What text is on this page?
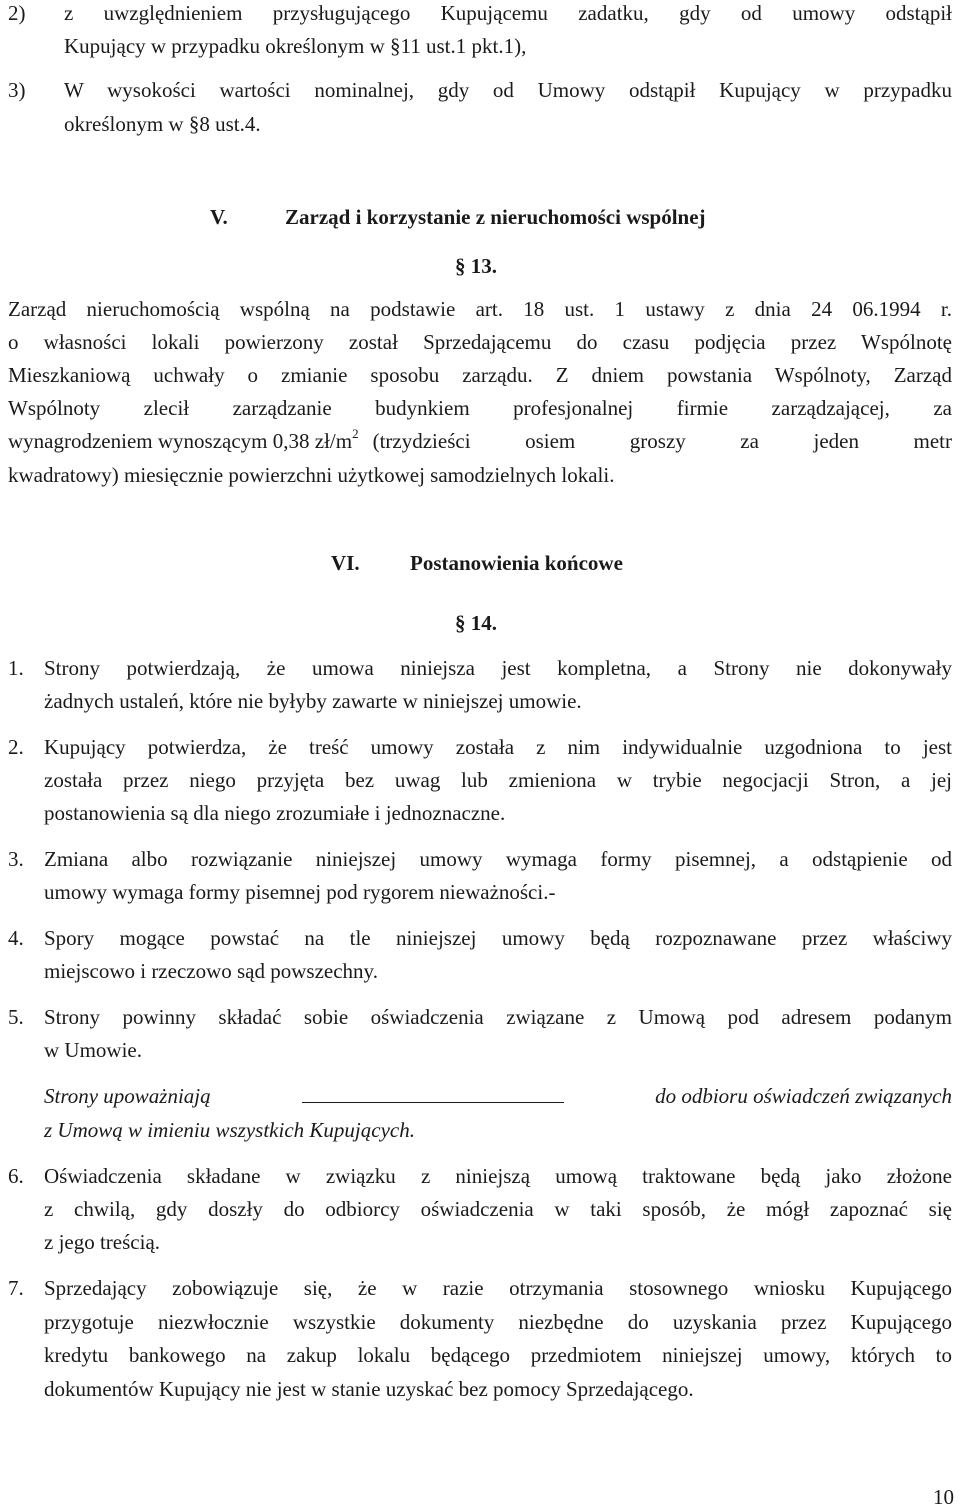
2) z uwzględnieniem przysługującego Kupującemu zadatku, gdy od umowy odstąpił
Kupujący w przypadku określonym w §11 ust.1 pkt.1),
3) W wysokości wartości nominalnej, gdy od Umowy odstąpił Kupujący w przypadku
określonym w §8 ust.4.
V.	Zarząd i korzystanie z nieruchomości wspólnej
§ 13.
Zarząd nieruchomością wspólną na podstawie art. 18 ust. 1 ustawy z dnia 24 06.1994 r.
o własności lokali powierzony został Sprzedającemu do czasu podjęcia przez Wspólnotę
Mieszkaniową uchwały o zmianie sposobu zarządu. Z dniem powstania Wspólnoty, Zarząd
Wspólnoty zlecił zarządzanie budynkiem profesjonalnej firmie zarządzającej, za
wynagrodzeniem wynoszącym 0,38 $zł/m^2$ (trzydzieści osiem groszy za jeden metr
kwadratowy) miesięcznie powierzchni użytkowej samodzielnych lokali.
VI. Postanowienia końcowe
§ 14.
1. Strony potwierdzają, że umowa niniejsza jest kompletna, a Strony nie dokonywały
żadnych ustaleń, które nie byłyby zawarte w niniejszej umowie.
2. Kupujący potwierdza, że treść umowy została z nim indywidualnie uzgodniona to jest
została przez niego przyjęta bez uwag lub zmieniona w trybie negocjacji Stron, a jej
postanowienia są dla niego zrozumiałe i jednoznaczne.
3. Zmiana albo rozwiązanie niniejszej umowy wymaga formy pisemnej, a odstąpienie od
umowy wymaga formy pisemnej pod rygorem nieważności.-
4. Spory mogące powstać na tle niniejszej umowy będą rozpoznawane przez właściwy
miejscowo i rzeczowo sąd powszechny.
5. Strony powinny składać sobie oświadczenia związane z Umową pod adresem podanym
w Umowie.
Strony upoważniają	do odbioru oświadczeń związanych
z Umową w imieniu wszystkich Kupujących.
6. Oświadczenia składane w związku z niniejszą umową traktowane będą jako złożone
z chwilą, gdy doszły do odbiorcy oświadczenia w taki sposób, że mógł zapoznać się
z jego treścią.
7. Sprzedający zobowiązuje się, że w razie otrzymania stosownego wniosku Kupującego
przygotuje niezwłocznie wszystkie dokumenty niezbędne do uzyskania przez Kupującego
kredytu bankowego na zakup lokalu będącego przedmiotem niniejszej umowy, których to
dokumentów Kupujący nie jest w stanie uzyskać bez pomocy Sprzedającego.
10
